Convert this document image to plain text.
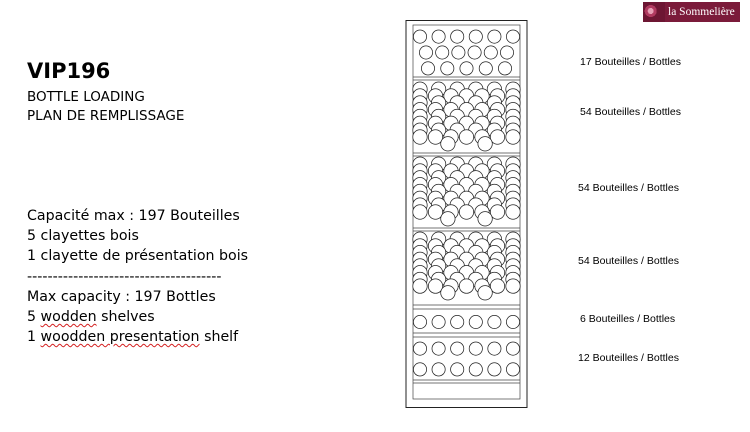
la Sommelière
VIP196
BOTTLE LOADING
PLAN DE REMPLISSAGE
Capacité max : 197 Bouteilles
5 clayettes bois
1 clayette de présentation bois
--------------------------------------
Max capacity : 197 Bottles
5 wodden shelves
1 woodden presentation shelf
17 Bouteilles / Bottles
54 Bouteilles / Bottles
54 Bouteilles / Bottles
54 Bouteilles / Bottles
6 Bouteilles / Bottles
12 Bouteilles / Bottles
